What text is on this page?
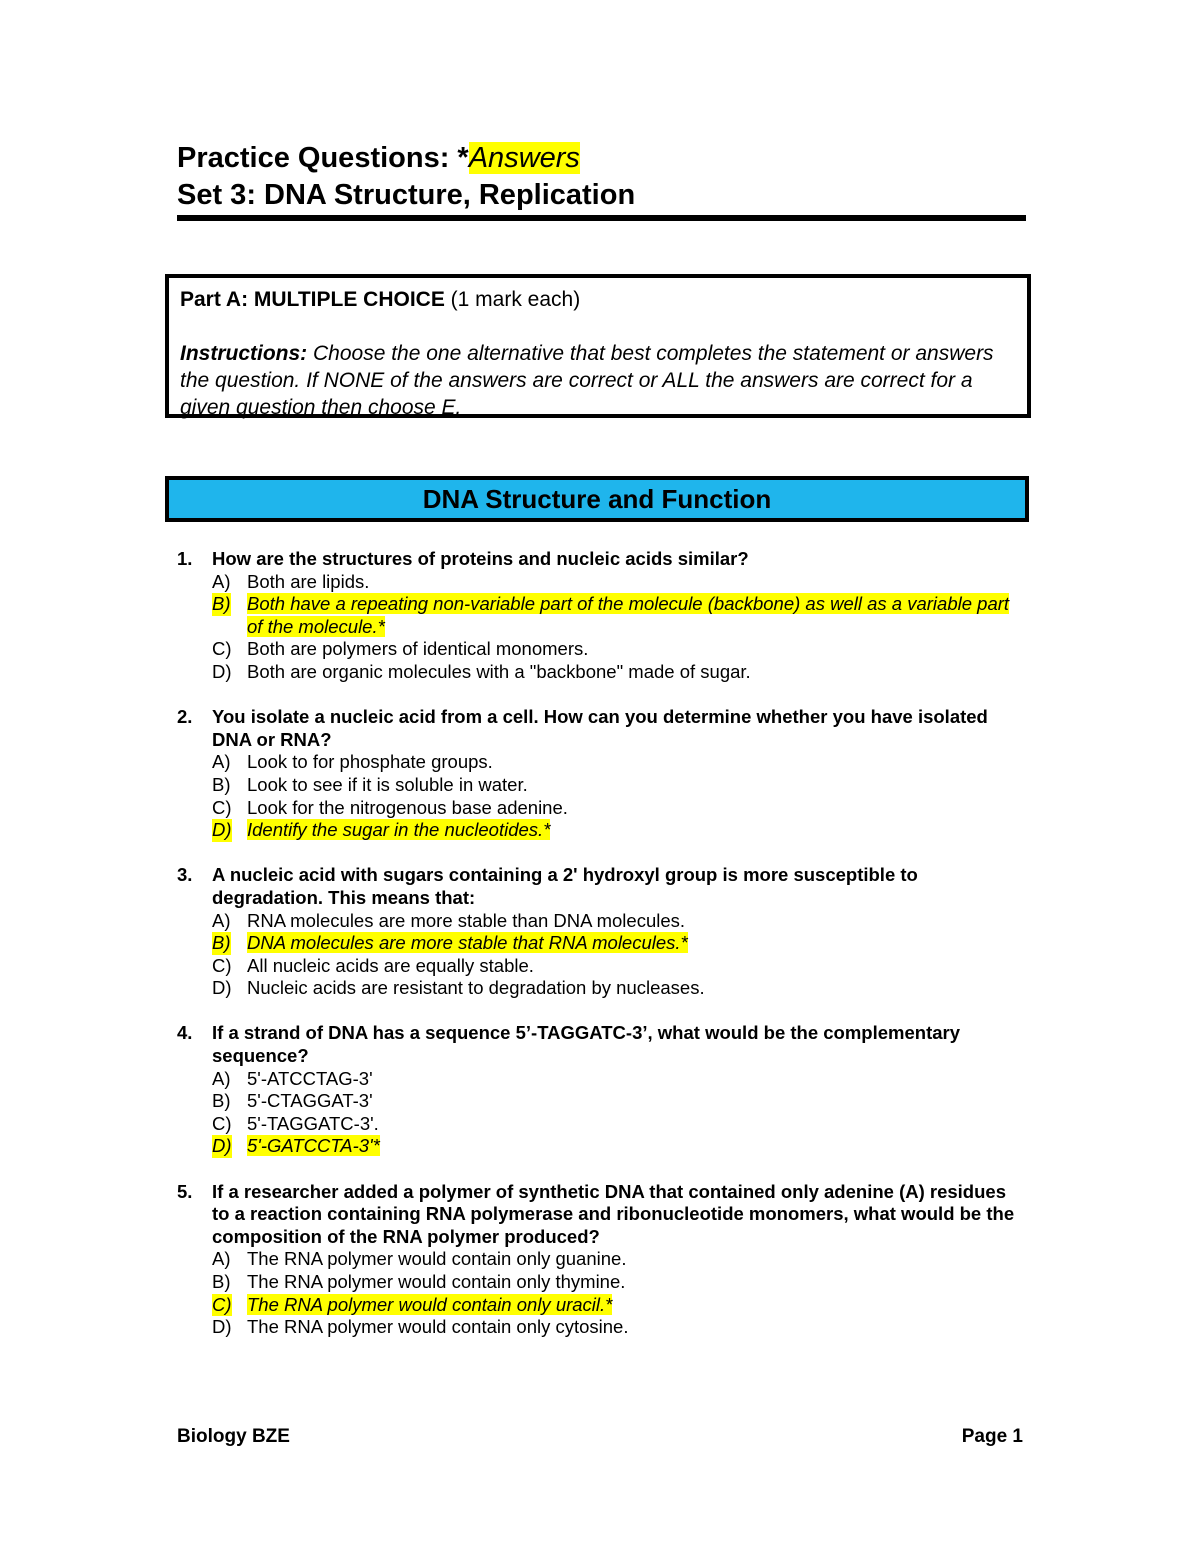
Practice Questions: *Answers
Set 3: DNA Structure, Replication

Part A: MULTIPLE CHOICE (1 mark each)

Instructions: Choose the one alternative that best completes the statement or answers the question. If NONE of the answers are correct or ALL the answers are correct for a given question then choose E.

DNA Structure and Function
1. How are the structures of proteins and nucleic acids similar?
A) Both are lipids.
B) Both have a repeating non-variable part of the molecule (backbone) as well as a variable part of the molecule.*
C) Both are polymers of identical monomers.
D) Both are organic molecules with a "backbone" made of sugar.
2. You isolate a nucleic acid from a cell. How can you determine whether you have isolated DNA or RNA?
A) Look to for phosphate groups.
B) Look to see if it is soluble in water.
C) Look for the nitrogenous base adenine.
D) Identify the sugar in the nucleotides.*
3. A nucleic acid with sugars containing a 2' hydroxyl group is more susceptible to degradation. This means that:
A) RNA molecules are more stable than DNA molecules.
B) DNA molecules are more stable that RNA molecules.*
C) All nucleic acids are equally stable.
D) Nucleic acids are resistant to degradation by nucleases.
4. If a strand of DNA has a sequence 5’-TAGGATC-3’, what would be the complementary sequence?
A) 5'-ATCCTAG-3'
B) 5'-CTAGGAT-3'
C) 5'-TAGGATC-3'.
D) 5'-GATCCTA-3'*
5. If a researcher added a polymer of synthetic DNA that contained only adenine (A) residues to a reaction containing RNA polymerase and ribonucleotide monomers, what would be the composition of the RNA polymer produced?
A) The RNA polymer would contain only guanine.
B) The RNA polymer would contain only thymine.
C) The RNA polymer would contain only uracil.*
D) The RNA polymer would contain only cytosine.
Biology BZE	Page 1
